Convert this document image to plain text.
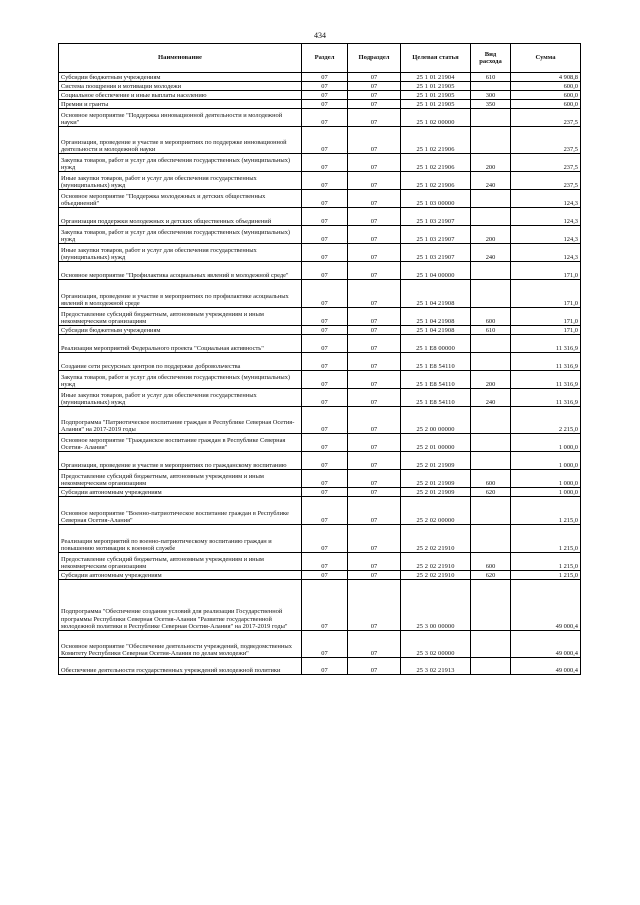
434
Наименование	Раздел	Подраздел	Целевая статья	Вид расхода	Сумма
Субсидии бюджетным учреждениям	07	07	25 1 01 21904	610	4 908,8
Система поощрения и мотивации молодежи	07	07	25 1 01 21905		600,0
Социальное обеспечение и иные выплаты населению	07	07	25 1 01 21905	300	600,0
Премии и гранты	07	07	25 1 01 21905	350	600,0
Основное мероприятие "Поддержка инновационной деятельности и молодежной науки"	07	07	25 1 02 00000		237,5
Организация, проведение и участие в мероприятиях по поддержке инновационной деятельности и молодежной науки	07	07	25 1 02 21906		237,5
Закупка товаров, работ и услуг для обеспечения государственных (муниципальных) нужд	07	07	25 1 02 21906	200	237,5
Иные закупки товаров, работ и услуг для обеспечения государственных (муниципальных) нужд	07	07	25 1 02 21906	240	237,5
Основное мероприятие "Поддержка молодежных и детских общественных объединений"	07	07	25 1 03 00000		124,3
Организация поддержки молодежных и детских общественных объединений	07	07	25 1 03 21907		124,3
Закупка товаров, работ и услуг для обеспечения государственных (муниципальных) нужд	07	07	25 1 03 21907	200	124,3
Иные закупки товаров, работ и услуг для обеспечения государственных (муниципальных) нужд	07	07	25 1 03 21907	240	124,3
Основное мероприятие "Профилактика асоциальных явлений в молодежной среде"	07	07	25 1 04 00000		171,0
Организация, проведение и участие в мероприятиях по профилактике асоциальных явлений в молодежной среде	07	07	25 1 04 21908		171,0
Предоставление субсидий бюджетным, автономным учреждениям и иным некоммерческим организациям	07	07	25 1 04 21908	600	171,0
Субсидии бюджетным учреждениям	07	07	25 1 04 21908	610	171,0
Реализация мероприятий Федерального проекта "Социальная активность"	07	07	25 1 E8 00000		11 316,9
Создание сети ресурсных центров по поддержке добровольчества	07	07	25 1 E8 54110		11 316,9
Закупка товаров, работ и услуг для обеспечения государственных (муниципальных) нужд	07	07	25 1 E8 54110	200	11 316,9
Иные закупки товаров, работ и услуг для обеспечения государственных (муниципальных) нужд	07	07	25 1 E8 54110	240	11 316,9
Подпрограмма "Патриотическое воспитание граждан в Республике Северная Осетия- Алания" на 2017-2019 годы	07	07	25 2 00 00000		2 215,0
Основное мероприятие "Гражданское воспитание граждан в Республике Северная Осетия- Алания"	07	07	25 2 01 00000		1 000,0
Организация, проведение и участие в мероприятиях по гражданскому воспитанию	07	07	25 2 01 21909		1 000,0
Предоставление субсидий бюджетным, автономным учреждениям и иным некоммерческим организациям	07	07	25 2 01 21909	600	1 000,0
Субсидии автономным учреждениям	07	07	25 2 01 21909	620	1 000,0
Основное мероприятие "Военно-патриотическое воспитание граждан в Республике Северная Осетия-Алания"	07	07	25 2 02 00000		1 215,0
Реализация мероприятий по военно-патриотическому воспитанию граждан и повышению мотивации к военной службе	07	07	25 2 02 21910		1 215,0
Предоставление субсидий бюджетным, автономным учреждениям и иным некоммерческим организациям	07	07	25 2 02 21910	600	1 215,0
Субсидии автономным учреждениям	07	07	25 2 02 21910	620	1 215,0
Подпрограмма "Обеспечение создания условий для реализации Государственной программы Республики Северная Осетия-Алания "Развитие государственной молодежной политики в Республике Северная Осетия-Алания" на 2017-2019 годы"	07	07	25 3 00 00000		49 000,4
Основное мероприятие "Обеспечение деятельности учреждений, подведомственных Комитету Республики Северная Осетия-Алания по делам молодежи"	07	07	25 3 02 00000		49 000,4
Обеспечение деятельности государственных учреждений молодежной политики	07	07	25 3 02 21913		49 000,4
